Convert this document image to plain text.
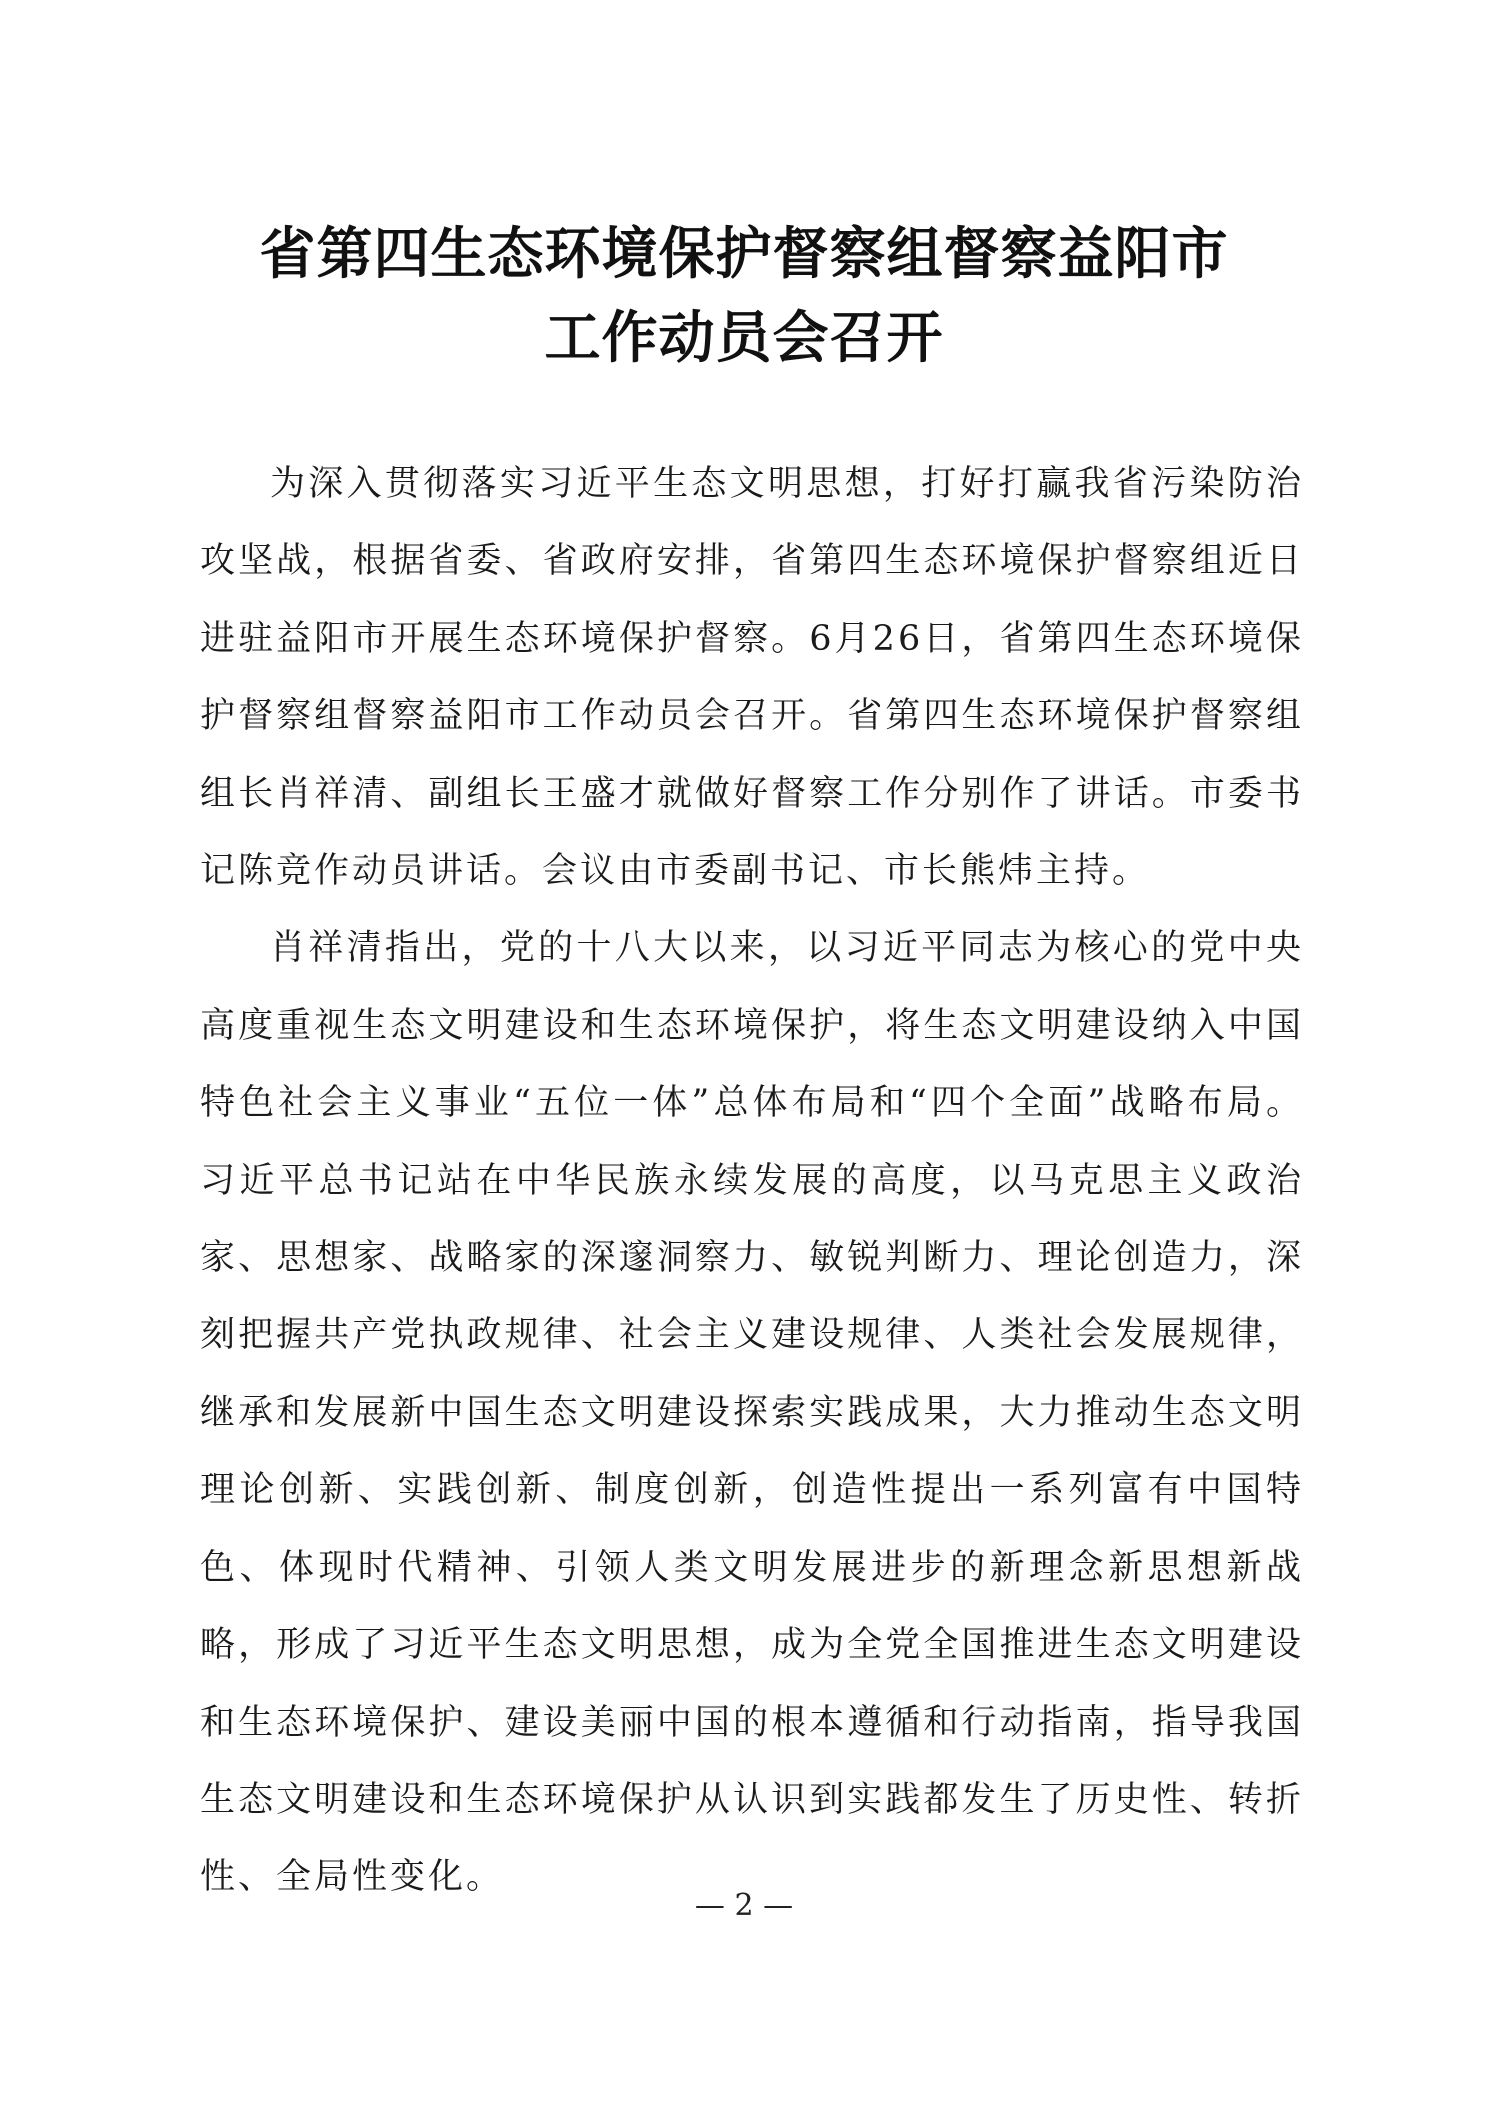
省第四生态环境保护督察组督察益阳市
工作动员会召开

为深入贯彻落实习近平生态文明思想，打好打赢我省污染防治攻坚战，根据省委、省政府安排，省第四生态环境保护督察组近日进驻益阳市开展生态环境保护督察。6月26日，省第四生态环境保护督察组督察益阳市工作动员会召开。省第四生态环境保护督察组组长肖祥清、副组长王盛才就做好督察工作分别作了讲话。市委书记陈竞作动员讲话。会议由市委副书记、市长熊炜主持。

肖祥清指出，党的十八大以来，以习近平同志为核心的党中央高度重视生态文明建设和生态环境保护，将生态文明建设纳入中国特色社会主义事业“五位一体”总体布局和“四个全面”战略布局。习近平总书记站在中华民族永续发展的高度，以马克思主义政治家、思想家、战略家的深邃洞察力、敏锐判断力、理论创造力，深刻把握共产党执政规律、社会主义建设规律、人类社会发展规律，继承和发展新中国生态文明建设探索实践成果，大力推动生态文明理论创新、实践创新、制度创新，创造性提出一系列富有中国特色、体现时代精神、引领人类文明发展进步的新理念新思想新战略，形成了习近平生态文明思想，成为全党全国推进生态文明建设和生态环境保护、建设美丽中国的根本遵循和行动指南，指导我国生态文明建设和生态环境保护从认识到实践都发生了历史性、转折性、全局性变化。

— 2 —
